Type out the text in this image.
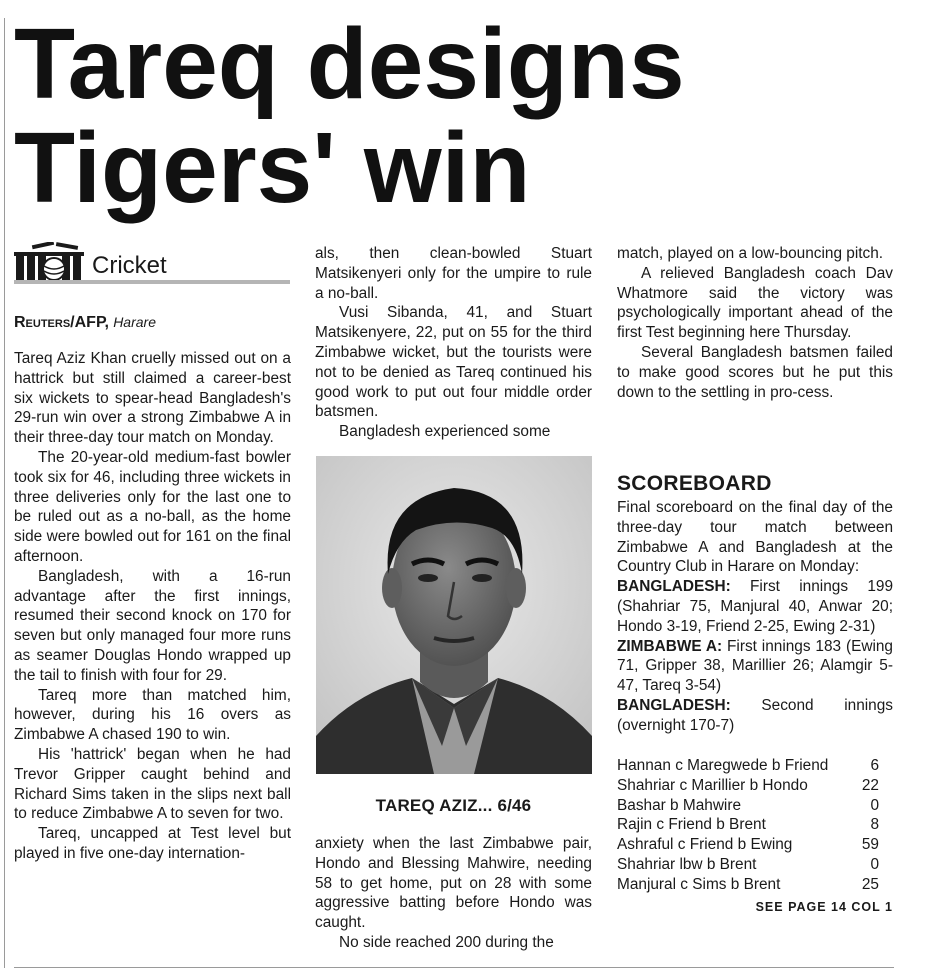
Tareq designs
Tigers' win
Cricket
Reuters/AFP, Harare

Tareq Aziz Khan cruelly missed out on a hattrick but still claimed a career-best six wickets to spear-head Bangladesh's 29-run win over a strong Zimbabwe A in their three-day tour match on Monday.

The 20-year-old medium-fast bowler took six for 46, including three wickets in three deliveries only for the last one to be ruled out as a no-ball, as the home side were bowled out for 161 on the final afternoon.

Bangladesh, with a 16-run advantage after the first innings, resumed their second knock on 170 for seven but only managed four more runs as seamer Douglas Hondo wrapped up the tail to finish with four for 29.

Tareq more than matched him, however, during his 16 overs as Zimbabwe A chased 190 to win.

His 'hattrick' began when he had Trevor Gripper caught behind and Richard Sims taken in the slips next ball to reduce Zimbabwe A to seven for two.

Tareq, uncapped at Test level but played in five one-day internation-

als, then clean-bowled Stuart Matsikenyeri only for the umpire to rule a no-ball.

Vusi Sibanda, 41, and Stuart Matsikenyere, 22, put on 55 for the third Zimbabwe wicket, but the tourists were not to be denied as Tareq continued his good work to put out four middle order batsmen.

Bangladesh experienced some

TAREQ AZIZ... 6/46

anxiety when the last Zimbabwe pair, Hondo and Blessing Mahwire, needing 58 to get home, put on 28 with some aggressive batting before Hondo was caught.

No side reached 200 during the

match, played on a low-bouncing pitch.

A relieved Bangladesh coach Dav Whatmore said the victory was psychologically important ahead of the first Test beginning here Thursday.

Several Bangladesh batsmen failed to make good scores but he put this down to the settling in pro-cess.

SCOREBOARD

Final scoreboard on the final day of the three-day tour match between Zimbabwe A and Bangladesh at the Country Club in Harare on Monday:

BANGLADESH: First innings 199 (Shahriar 75, Manjural 40, Anwar 20; Hondo 3-19, Friend 2-25, Ewing 2-31)

ZIMBABWE A: First innings 183 (Ewing 71, Gripper 38, Marillier 26; Alamgir 5-47, Tareq 3-54)

BANGLADESH: Second innings (overnight 170-7)

Hannan c Maregwede b Friend	6
Shahriar c Marillier b Hondo	22
Bashar b Mahwire	0
Rajin c Friend b Brent	8
Ashraful c Friend b Ewing	59
Shahriar lbw b Brent	0
Manjural c Sims b Brent	25
SEE PAGE 14 COL 1
